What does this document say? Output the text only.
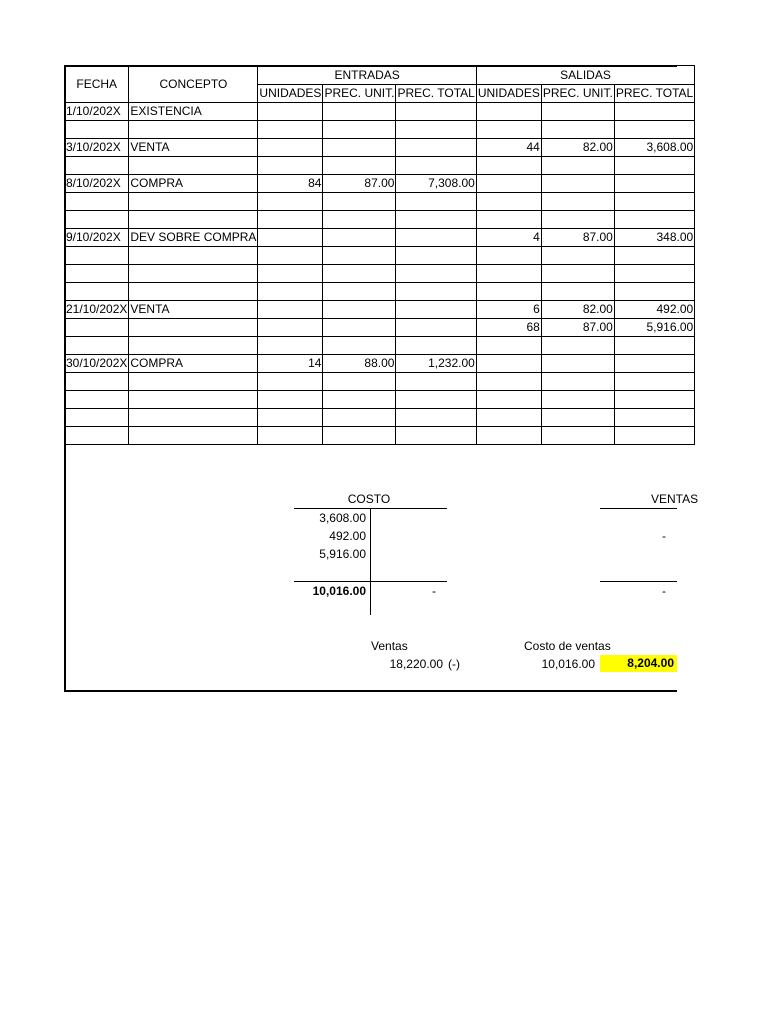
FECHA	CONCEPTO	ENTRADAS			SALIDAS		
		UNIDADES	PREC. UNIT.	PREC. TOTAL	UNIDADES	PREC. UNIT.	PREC. TOTAL
1/10/202X	EXISTENCIA						

3/10/202X	VENTA				44	82.00	3,608.00

8/10/202X	COMPRA	84	87.00	7,308.00			

9/10/202X	DEV SOBRE COMPRA				4	87.00	348.00

21/10/202X	VENTA				6	82.00	492.00
					68	87.00	5,916.00

30/10/202X	COMPRA	14	88.00	1,232.00			

COSTO
3,608.00
492.00
5,916.00
10,016.00	-
VENTAS
-
-
Ventas
18,220.00 (-)
Costo de ventas
10,016.00	8,204.00
